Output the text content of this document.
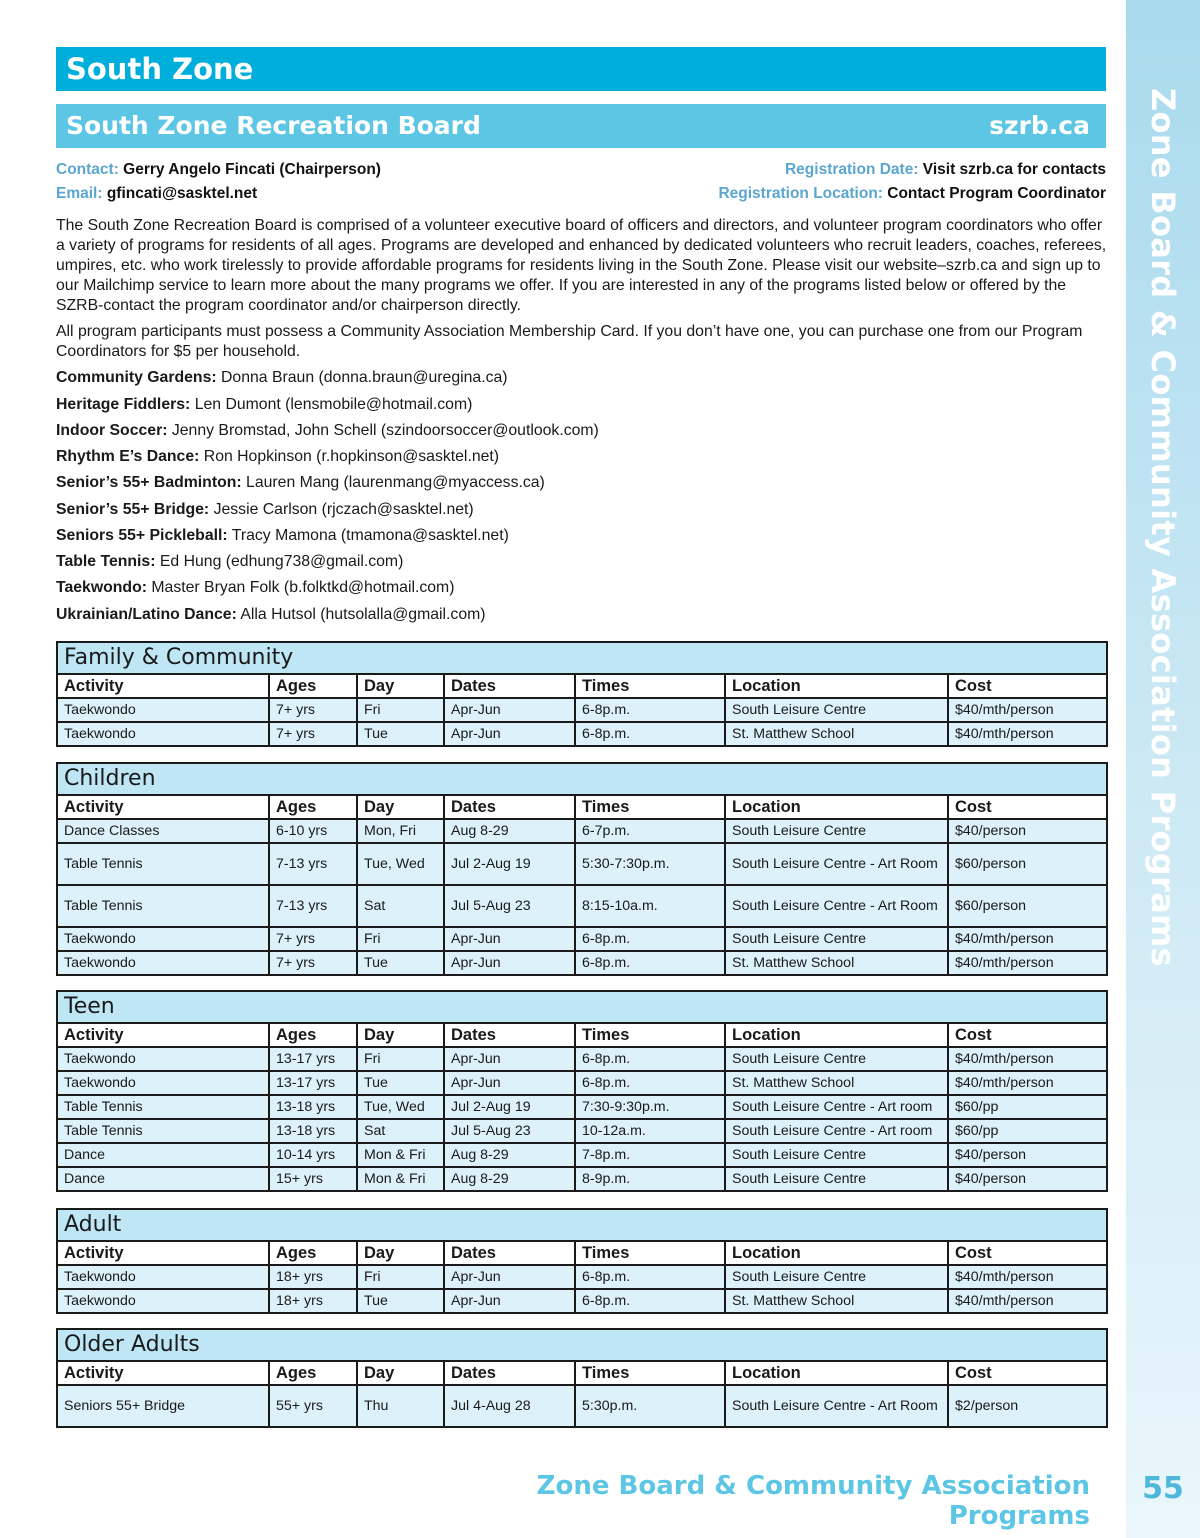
Zone Board & Community Association Programs
South Zone
South Zone Recreation Board	szrb.ca
Contact: Gerry Angelo Fincati (Chairperson)	Registration Date: Visit szrb.ca for contacts
Email: gfincati@sasktel.net	Registration Location: Contact Program Coordinator

The South Zone Recreation Board is comprised of a volunteer executive board of officers and directors, and volunteer program coordinators who offer a variety of programs for residents of all ages. Programs are developed and enhanced by dedicated volunteers who recruit leaders, coaches, referees, umpires, etc. who work tirelessly to provide affordable programs for residents living in the South Zone. Please visit our website–szrb.ca and sign up to our Mailchimp service to learn more about the many programs we offer. If you are interested in any of the programs listed below or offered by the SZRB-contact the program coordinator and/or chairperson directly.

All program participants must possess a Community Association Membership Card. If you don’t have one, you can purchase one from our Program Coordinators for $5 per household.

Community Gardens: Donna Braun (donna.braun@uregina.ca)

Heritage Fiddlers: Len Dumont (lensmobile@hotmail.com)

Indoor Soccer: Jenny Bromstad, John Schell (szindoorsoccer@outlook.com)

Rhythm E’s Dance: Ron Hopkinson (r.hopkinson@sasktel.net)

Senior’s 55+ Badminton: Lauren Mang (laurenmang@myaccess.ca)

Senior’s 55+ Bridge: Jessie Carlson (rjczach@sasktel.net)

Seniors 55+ Pickleball: Tracy Mamona (tmamona@sasktel.net)

Table Tennis: Ed Hung (edhung738@gmail.com)

Taekwondo: Master Bryan Folk (b.folktkd@hotmail.com)

Ukrainian/Latino Dance: Alla Hutsol (hutsolalla@gmail.com)

Family & Community						
Activity	Ages	Day	Dates	Times	Location	Cost
Taekwondo	7+ yrs	Fri	Apr-Jun	6-8p.m.	South Leisure Centre	$40/mth/person
Taekwondo	7+ yrs	Tue	Apr-Jun	6-8p.m.	St. Matthew School	$40/mth/person
Children						
Activity	Ages	Day	Dates	Times	Location	Cost
Dance Classes	6-10 yrs	Mon, Fri	Aug 8-29	6-7p.m.	South Leisure Centre	$40/person
Table Tennis	7-13 yrs	Tue, Wed	Jul 2-Aug 19	5:30-7:30p.m.	South Leisure Centre - Art Room	$60/person
Table Tennis	7-13 yrs	Sat	Jul 5-Aug 23	8:15-10a.m.	South Leisure Centre - Art Room	$60/person
Taekwondo	7+ yrs	Fri	Apr-Jun	6-8p.m.	South Leisure Centre	$40/mth/person
Taekwondo	7+ yrs	Tue	Apr-Jun	6-8p.m.	St. Matthew School	$40/mth/person
Teen						
Activity	Ages	Day	Dates	Times	Location	Cost
Taekwondo	13-17 yrs	Fri	Apr-Jun	6-8p.m.	South Leisure Centre	$40/mth/person
Taekwondo	13-17 yrs	Tue	Apr-Jun	6-8p.m.	St. Matthew School	$40/mth/person
Table Tennis	13-18 yrs	Tue, Wed	Jul 2-Aug 19	7:30-9:30p.m.	South Leisure Centre - Art room	$60/pp
Table Tennis	13-18 yrs	Sat	Jul 5-Aug 23	10-12a.m.	South Leisure Centre - Art room	$60/pp
Dance	10-14 yrs	Mon & Fri	Aug 8-29	7-8p.m.	South Leisure Centre	$40/person
Dance	15+ yrs	Mon & Fri	Aug 8-29	8-9p.m.	South Leisure Centre	$40/person
Adult						
Activity	Ages	Day	Dates	Times	Location	Cost
Taekwondo	18+ yrs	Fri	Apr-Jun	6-8p.m.	South Leisure Centre	$40/mth/person
Taekwondo	18+ yrs	Tue	Apr-Jun	6-8p.m.	St. Matthew School	$40/mth/person
Older Adults						
Activity	Ages	Day	Dates	Times	Location	Cost
Seniors 55+ Bridge	55+ yrs	Thu	Jul 4-Aug 28	5:30p.m.	South Leisure Centre - Art Room	$2/person
Zone Board & Community Association Programs
55
